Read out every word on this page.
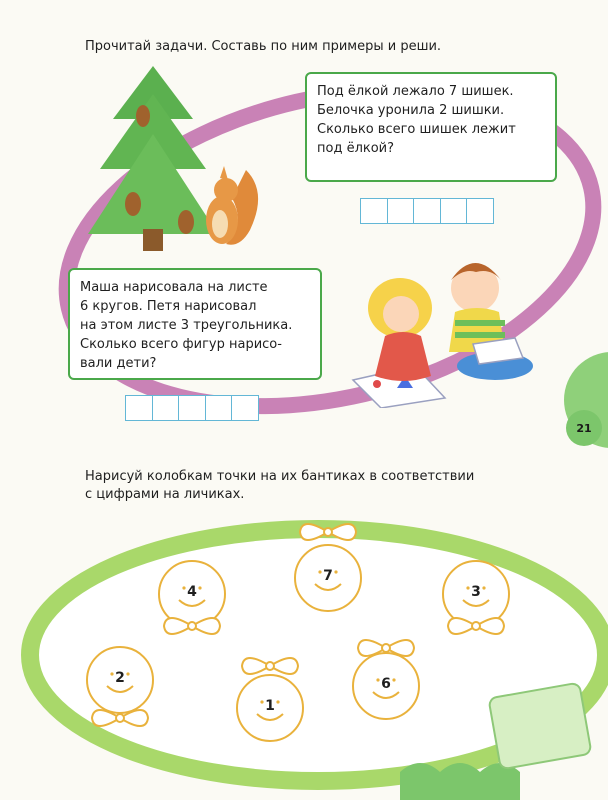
Прочитай задачи. Составь по ним примеры и реши.
Под ёлкой лежало 7 шишек.
Белочка уронила 2 шишки.
Сколько всего шишек лежит
под ёлкой?
Маша нарисовала на листе
6 кругов. Петя нарисовал
на этом листе 3 треугольника.
Сколько всего фигур нарисо-
вали дети?
21
Нарисуй колобкам точки на их бантиках в соответствии
с цифрами на личиках.
4
7
3
2
1
6
